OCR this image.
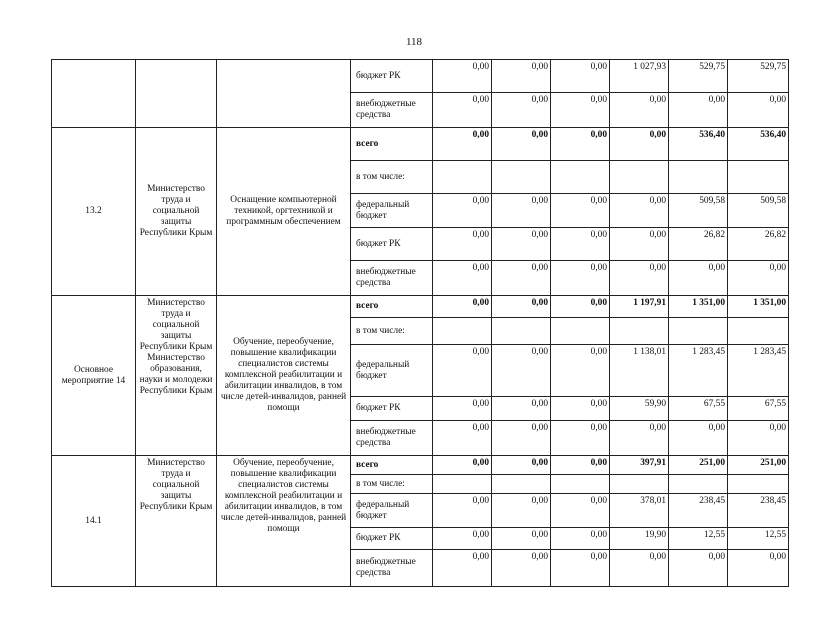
118
			бюджет РК	0,00	0,00	0,00	1 027,93	529,75	529,75
			внебюджетные средства	0,00	0,00	0,00	0,00	0,00	0,00
13.2	Министерство труда и социальной защиты Республики Крым	Оснащение компьютерной техникой, оргтехникой и программным обеспечением	всего	0,00	0,00	0,00	0,00	536,40	536,40
			в том числе:						
			федеральный бюджет	0,00	0,00	0,00	0,00	509,58	509,58
			бюджет РК	0,00	0,00	0,00	0,00	26,82	26,82
			внебюджетные средства	0,00	0,00	0,00	0,00	0,00	0,00
Основное мероприятие 14	Министерство труда и социальной защиты Республики Крым Министерство образования, науки и молодежи Республики Крым	Обучение, переобучение, повышение квалификации специалистов системы комплексной реабилитации и абилитации инвалидов, в том числе детей-инвалидов, ранней помощи	всего	0,00	0,00	0,00	1 197,91	1 351,00	1 351,00
			в том числе:						
			федеральный бюджет	0,00	0,00	0,00	1 138,01	1 283,45	1 283,45
			бюджет РК	0,00	0,00	0,00	59,90	67,55	67,55
			внебюджетные средства	0,00	0,00	0,00	0,00	0,00	0,00
14.1	Министерство труда и социальной защиты Республики Крым	Обучение, переобучение, повышение квалификации специалистов системы комплексной реабилитации и абилитации инвалидов, в том числе детей-инвалидов, ранней помощи	всего	0,00	0,00	0,00	397,91	251,00	251,00
			в том числе:						
			федеральный бюджет	0,00	0,00	0,00	378,01	238,45	238,45
			бюджет РК	0,00	0,00	0,00	19,90	12,55	12,55
			внебюджетные средства	0,00	0,00	0,00	0,00	0,00	0,00
